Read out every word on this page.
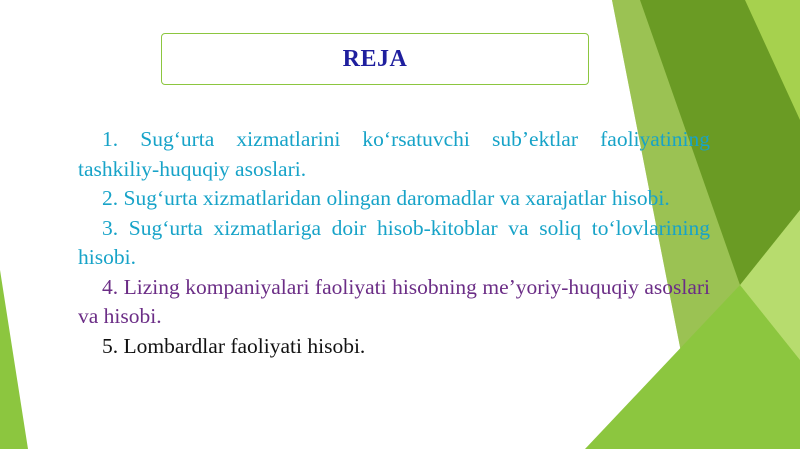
REJA

1. Sug‘urta xizmatlarini ko‘rsatuvchi sub’ektlar faoliyatining tashkiliy-huquqiy asoslari.

2. Sug‘urta xizmatlaridan olingan daromadlar va xarajatlar hisobi.

3. Sug‘urta xizmatlariga doir hisob-kitoblar va soliq to‘lovlarining hisobi.

4. Lizing kompaniyalari faoliyati hisobning me’yoriy-huquqiy asoslari va hisobi.

5. Lombardlar faoliyati hisobi.
